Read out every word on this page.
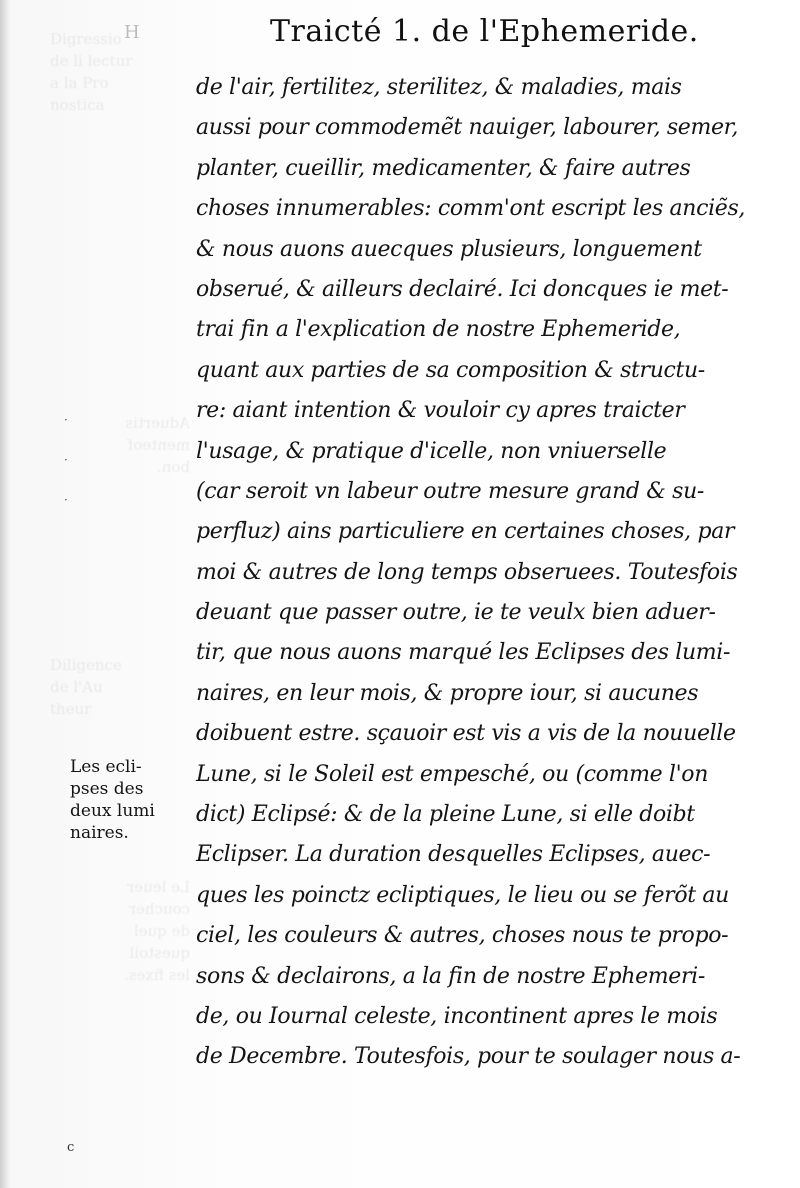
Digressio
de li lectur
a la Pro
nostica
Aduertis
menteof
bon.
Diligence
de l'Au
theur
Le leuer
coucher
de quel
questoil
les fixes.
H	Traicté 1. de l'Ephemeride.
de l'air, fertilitez, sterilitez, & maladies, mais
aussi pour commodemẽt nauiger, labourer, semer,
planter, cueillir, medicamenter, & faire autres
choses innumerables: comm'ont escript les anciẽs,
& nous auons auecques plusieurs, longuement
obserué, & ailleurs declairé. Ici doncques ie met-
trai fin a l'explication de nostre Ephemeride,
quant aux parties de sa composition & structu-
re: aiant intention & vouloir cy apres traicter
l'usage, & pratique d'icelle, non vniuerselle
(car seroit vn labeur outre mesure grand & su-
perfluz) ains particuliere en certaines choses, par
moi & autres de long temps obseruees. Toutesfois
deuant que passer outre, ie te veulx bien aduer-
tir, que nous auons marqué les Eclipses des lumi-
naires, en leur mois, & propre iour, si aucunes
doibuent estre. sçauoir est vis a vis de la nouuelle
Lune, si le Soleil est empesché, ou (comme l'on
dict) Eclipsé: & de la pleine Lune, si elle doibt
Eclipser. La duration desquelles Eclipses, auec-
ques les poinctz ecliptiques, le lieu ou se ferõt au
ciel, les couleurs & autres, choses nous te propo-
sons & declairons, a la fin de nostre Ephemeri-
de, ou Iournal celeste, incontinent apres le mois
de Decembre. Toutesfois, pour te soulager nous a-
Les ecli-
pses des
deux lumi
naires.
·
·
·
c
